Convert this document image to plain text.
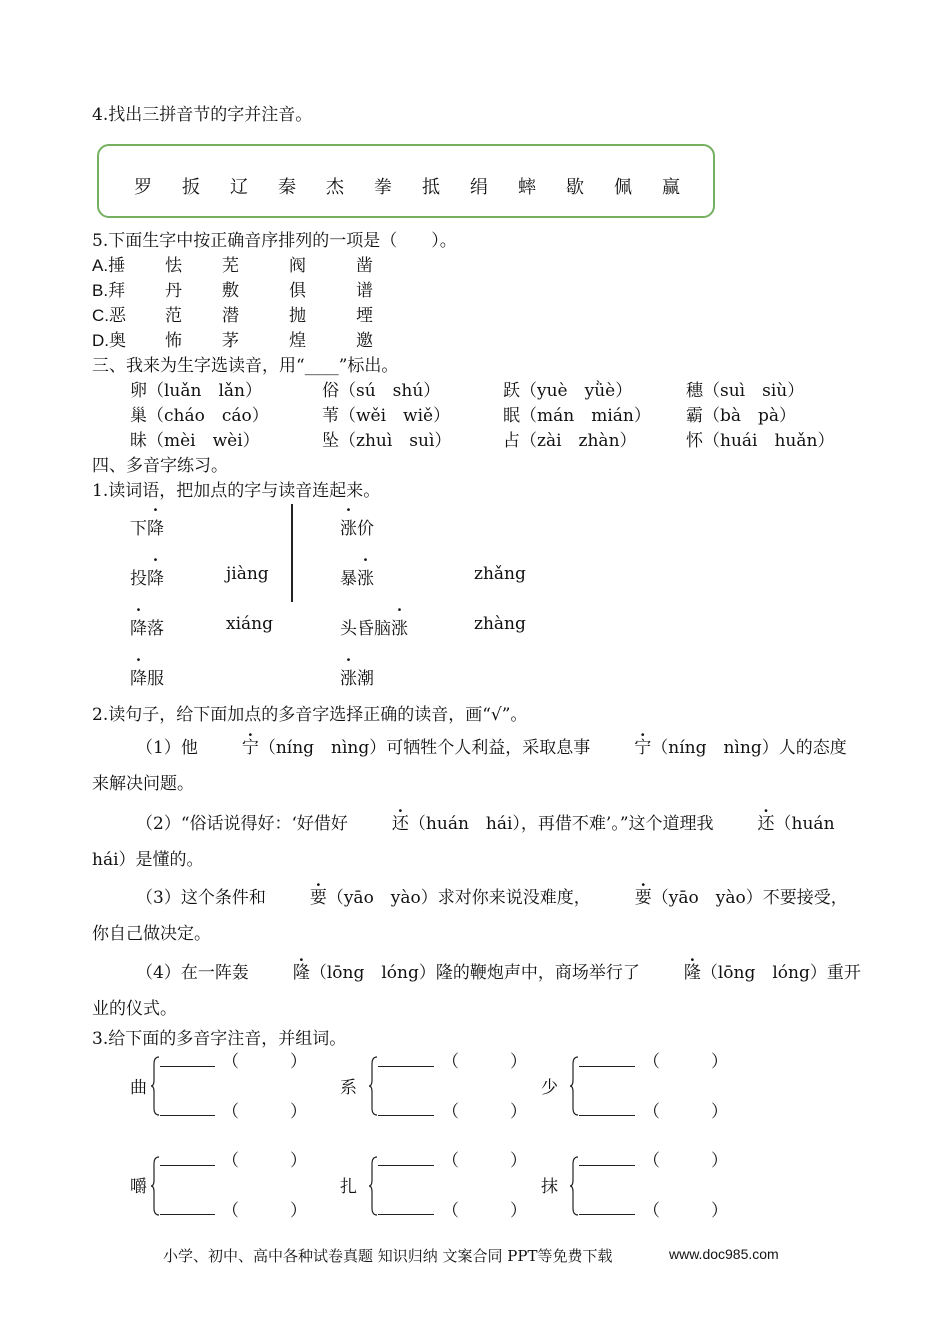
4.找出三拼音节的字并注音。
罗 扳 辽 秦 杰 拳 抵 绢 蟀 歇 佩 赢
5.下面生字中按正确音序排列的一项是（　　）。
A.捶 怯 芜	阀	凿
B.拜 丹 敷	俱	谱
C.恶 范 潜	抛	堙
D.奥 怖 茅	煌	邀
三、我来为生字选读音，用“____”标出。
卵（luǎn　lǎn）	俗（sú　shú）	跃（yuè　yǜè）	穗（suì　siù）
巢（cháo　cáo）	苇（wěi　wiě）	眠（mán　mián） 霸（bà　pà）
昧（mèi　wèi）	坠（zhuì　suì）	占（zài　zhàn）	怀（huái　huǎn）
四、多音字练习。
1.读词语，把加点的字与读音连起来。
下降
投降
降落
降服
jiàng
xiáng
涨价
暴涨
头昏脑涨
涨潮
zhǎng
zhàng
2.读句子，给下面加点的多音字选择正确的读音，画“√”。
（1）他	宁（níng　nìng）可牺牲个人利益，采取息事	宁（níng　nìng）人的态度来解决问题。
（2）“俗话说得好：‘好借好	还（huán　hái），再借不难’。”这个道理我	还（huán hái）是懂的。
（3）这个条件和	要（yāo　yào）求对你来说没难度，	要（yāo　yào）不要接受，你自己做决定。
（4）在一阵轰	隆（lōng　lóng）隆的鞭炮声中，商场举行了	隆（lōng　lóng）重开业的仪式。
3.给下面的多音字注音，并组词。
曲
（　　　）
（　　　）
系
（　　　）
（　　　）
少
（　　　）
（　　　）
嚼
（　　　）
（　　　）
扎
（　　　）
（　　　）
抹
（　　　）
（　　　）
小学、初中、高中各种试卷真题 知识归纳 文案合同 PPT等免费下载	www.doc985.com
